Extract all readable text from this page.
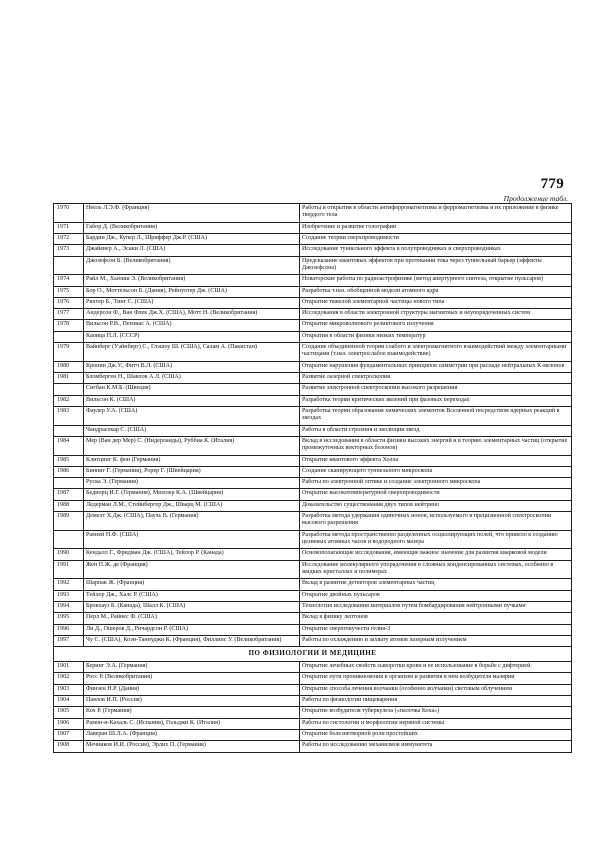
779
Продолжение табл.
1970	Неель Л.Э.Ф. (Франция)	Работы и открытия в области антиферромагнетизма и ферромагнетизма и их приложение в физике твердого тела
1971	Габор Д. (Великобритания)	Изобретение и развитие голографии
1972	Бардин Дж., Купер Л., Шриффер Дж.Р. (США)	Создание теории сверхпроводимости
1973	Джайевер А., Эсаки Л. (США)	Исследование туннельного эффекта в полупроводниках и сверхпроводниках
	Джозефсон Б. (Великобритания)	Предсказание квантовых эффектов при протекании тока через туннельный барьер (эффекты Джозефсона)
1974	Райл М., Хьюиш Э. (Великобритания)	Новаторские работы по радиоастрофизике (метод апертурного синтеза, открытие пульсаров)
1975	Бор О., Моттельсон Б. (Дания), Рейнуотер Дж. (США)	Разработка т.наз. обобщенной модели атомного ядра
1976	Рихтер Б., Тинг С. (США)	Открытие тяжелой элементарной частицы нового типа
1977	Андерсон Ф., Ван Флек Дж.Х. (США), Мотт Н. (Великобритания)	Исследования в области электронной структуры магнитных и неупорядоченных систем
1978	Вильсон Р.В., Пензиас А. (США)	Открытие микроволнового реликтового излучения
	Капица П.Л. (СССР)	Открытия в области физики низких температур
1979	Вайнберг (Уэйнберг) С., Глэшоу Ш. (США), Салам А. (Пакистан)	Создание объединенной теории слабого и электромагнитного взаимодействий между элементарными частицами (т.наз. электрослабое взаимодействие)
1980	Кронин Дж.У., Фитч В.Л. (США)	Открытие нарушения фундаментальных принципов симметрии при распаде нейтральных К-мезонов
1981	Бломберген Н., Шавлов А.Л. (США)	Развитие лазерной спектроскопии
	Сигбан К.М.Б. (Швеция)	Развитие электронной спектроскопии высокого разрешения
1982	Вильсон К. (США)	Разработка теории критических явлений при фазовых переходах
1983	Фаулер У.А. (США)	Разработка теории образования химических элементов Вселенной посредством ядерных реакций в звездах
	Чандрасекар С. (США)	Работы в области строения и эволюции звезд
1984	Мер (Ван дер Мер) С. (Нидерланды), Руббиа К. (Италия)	Вклад в исследования в области физики высоких энергий и в теорию элементарных частиц (открытие промежуточных векторных бозонов)
1985	Клитцинг К. фон (Германия)	Открытие квантового эффекта Холла
1986	Бинниг Г. (Германия), Рорер Г. (Швейцария)	Создание сканирующего туннельного микроскопа
	Руска Э. (Германия)	Работы по электронной оптике и создание электронного микроскопа
1987	Беднорц И.Г. (Германия), Мюллер К.А. (Швейцария)	Открытие высокотемпературной сверхпроводимости
1988	Ледерман Л.М., Стейнбергер Дж., Шварц М. (США)	Доказательство существования двух типов нейтрино
1989	Демелт Х.Дж. (США), Пауль В. (Германия)	Разработка метода удержания одиночных ионов, используемого в прецизионной спектроскопии высокого разрешения
	Рамзей Н.Ф. (США)	Разработка метода пространственно разделенных осциллирующих полей, что привело к созданию цезиевых атомных часов и водородного мазера
1990	Кендалл Г., Фридман Дж. (США), Тейлор Р. (Канада)	Основополагающие исследования, имеющие важное значение для развития кварковой модели
1991	Жен П.Ж. де (Франция)	Исследование молекулярного упорядочения в сложных конденсированных системах, особенно в жидких кристаллах и полимерах
1992	Шарпак Ж. (Франция)	Вклад в развитие детекторов элементарных частиц
1993	Тейлор Дж., Халс Р. (США)	Открытие двойных пульсаров
1994	Брокхауз Б. (Канада), Шалл К. (США)	Технология исследования материалов путем бомбардирования нейтронными пучками
1995	Перл М., Райнес Ф. (США)	Вклад в физику лептонов
1996	Ли Д., Ошеров Д., Ричардсон Р. (США)	Открытие сверхтекучести гелия-3
1997	Чу С. (США), Коэн-Таннуджи К. (Франция), Филлипс У. (Великобритания)	Работы по охлаждению и захвату атомов лазерным излучением
ПО ФИЗИОЛОГИИ И МЕДИЦИНЕ		
1901	Беринг Э.А. (Германия)	Открытие лечебных свойств сыворотки крови и ее использование в борьбе с дифтерией
1902	Росс Р. (Великобритания)	Открытие пути проникновения в организм и развития в нем возбудителя малярии
1903	Финзен Н.Р. (Дания)	Открытие способа лечения волчанки (особенно волчанки) световым облучением
1904	Павлов И.П. (Россия)	Работы по физиологии пищеварения
1905	Кох Р. (Германия)	Открытие возбудителя туберкулеза («палочка Коха»)
1906	Рамон-и-Кахаль С. (Испания), Гольджи К. (Италия)	Работы по гистологии и морфологии нервной системы
1907	Лаверан Ш.Л.А. (Франция)	Открытие болезнетворной роли простейших
1908	Мечников И.И. (Россия), Эрлих П. (Германия)	Работы по исследованию механизмов иммунитета
